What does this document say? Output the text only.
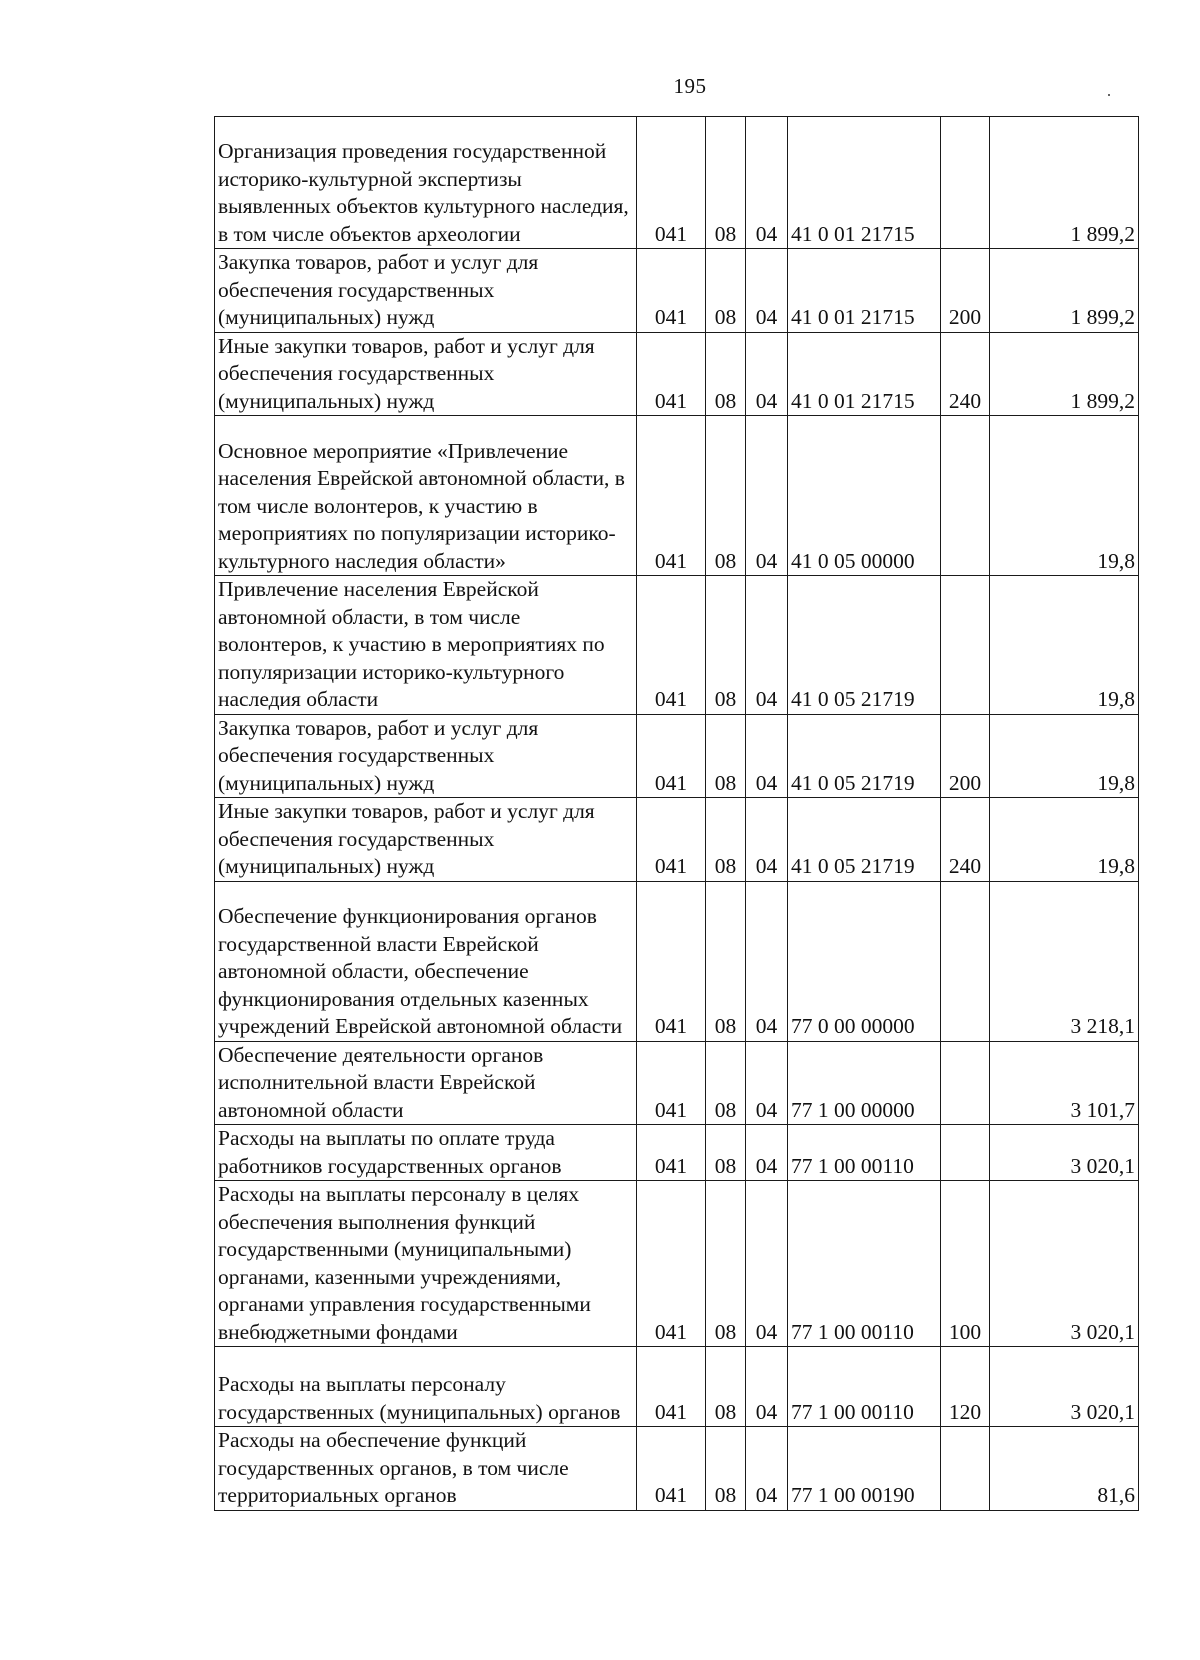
195
Организация проведения государственной историко-культурной экспертизы выявленных объектов культурного наследия, в том числе объектов археологии	041	08	04	41 0 01 21715		1 899,2
Закупка товаров, работ и услуг для обеспечения государственных (муниципальных) нужд	041	08	04	41 0 01 21715	200	1 899,2
Иные закупки товаров, работ и услуг для обеспечения государственных (муниципальных) нужд	041	08	04	41 0 01 21715	240	1 899,2
Основное мероприятие «Привлечение населения Еврейской автономной области, в том числе волонтеров, к участию в мероприятиях по популяризации историко-культурного наследия области»	041	08	04	41 0 05 00000		19,8
Привлечение населения Еврейской автономной области, в том числе волонтеров, к участию в мероприятиях по популяризации историко-культурного наследия области	041	08	04	41 0 05 21719		19,8
Закупка товаров, работ и услуг для обеспечения государственных (муниципальных) нужд	041	08	04	41 0 05 21719	200	19,8
Иные закупки товаров, работ и услуг для обеспечения государственных (муниципальных) нужд	041	08	04	41 0 05 21719	240	19,8
Обеспечение функционирования органов государственной власти Еврейской автономной области, обеспечение функционирования отдельных казенных учреждений Еврейской автономной области	041	08	04	77 0 00 00000		3 218,1
Обеспечение деятельности органов исполнительной власти Еврейской автономной области	041	08	04	77 1 00 00000		3 101,7
Расходы на выплаты по оплате труда работников государственных органов	041	08	04	77 1 00 00110		3 020,1
Расходы на выплаты персоналу в целях обеспечения выполнения функций государственными (муниципальными) органами, казенными учреждениями, органами управления государственными внебюджетными фондами	041	08	04	77 1 00 00110	100	3 020,1
Расходы на выплаты персоналу государственных (муниципальных) органов	041	08	04	77 1 00 00110	120	3 020,1
Расходы на обеспечение функций государственных органов, в том числе территориальных органов	041	08	04	77 1 00 00190		81,6
